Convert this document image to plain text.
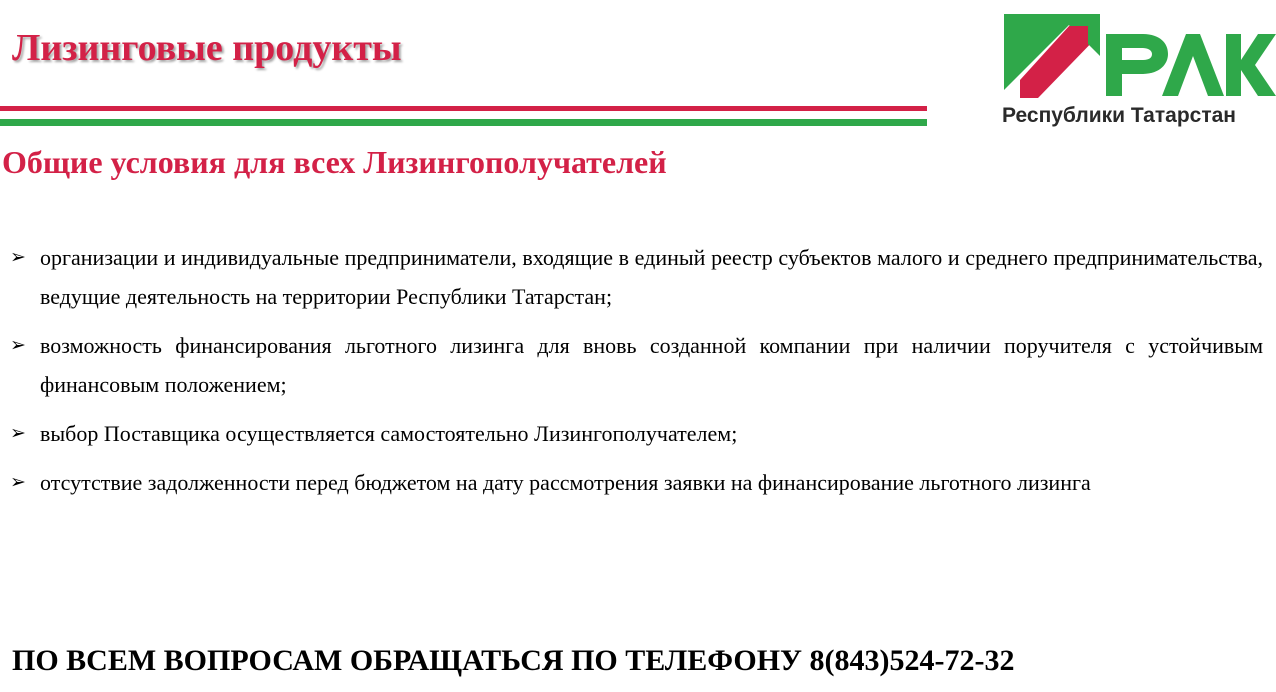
Лизинговые продукты
Республики Татарстан
Общие условия для всех Лизингополучателей
➢ организации и индивидуальные предприниматели, входящие в единый реестр субъектов малого и среднего предпринимательства, ведущие деятельность на территории Республики Татарстан;
➢ возможность финансирования льготного лизинга для вновь созданной компании при наличии поручителя с устойчивым финансовым положением;
➢ выбор Поставщика осуществляется самостоятельно Лизингополучателем;
➢ отсутствие задолженности перед бюджетом на дату рассмотрения заявки на финансирование льготного лизинга

ПО ВСЕМ ВОПРОСАМ ОБРАЩАТЬСЯ ПО ТЕЛЕФОНУ 8(843)524-72-32
